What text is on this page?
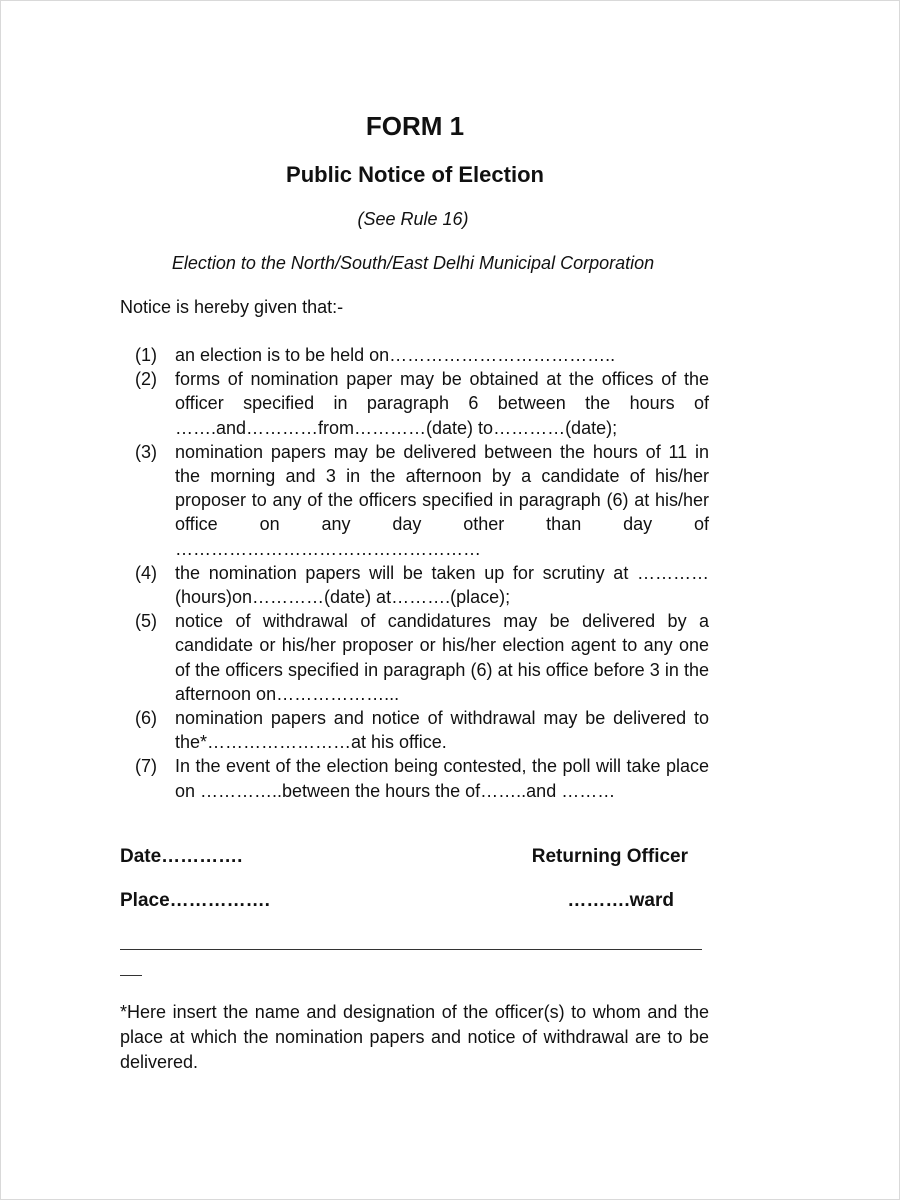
FORM 1
Public Notice of Election
(See Rule 16)
Election to the North/South/East Delhi Municipal Corporation
Notice is hereby given that:-
(1)	an election is to be held on………………………………..
(2)	forms of nomination paper may be obtained at the offices of the officer specified in paragraph 6 between the hours of …….and…………from…………(date) to…………(date);
(3)	nomination papers may be delivered between the hours of 11 in the morning and 3 in the afternoon by a candidate of his/her proposer to any of the officers specified in paragraph (6) at his/her office on any day other than day of ……………………………………………
(4)	the nomination papers will be taken up for scrutiny at ………… (hours)on…………(date) at……….(place);
(5)	notice of withdrawal of candidatures may be delivered by a candidate or his/her proposer or his/her election agent to any one of the officers specified in paragraph (6) at his office before 3 in the afternoon on………………...
(6)	nomination papers and notice of withdrawal may be delivered to the*……………………at his office.
(7)	In the event of the election being contested, the poll will take place on …………..between the hours the of……..and ………
Date………….	Returning Officer
Place…………….	……….ward
*Here insert the name and designation of the officer(s) to whom and the place at which the nomination papers and notice of withdrawal are to be delivered.
